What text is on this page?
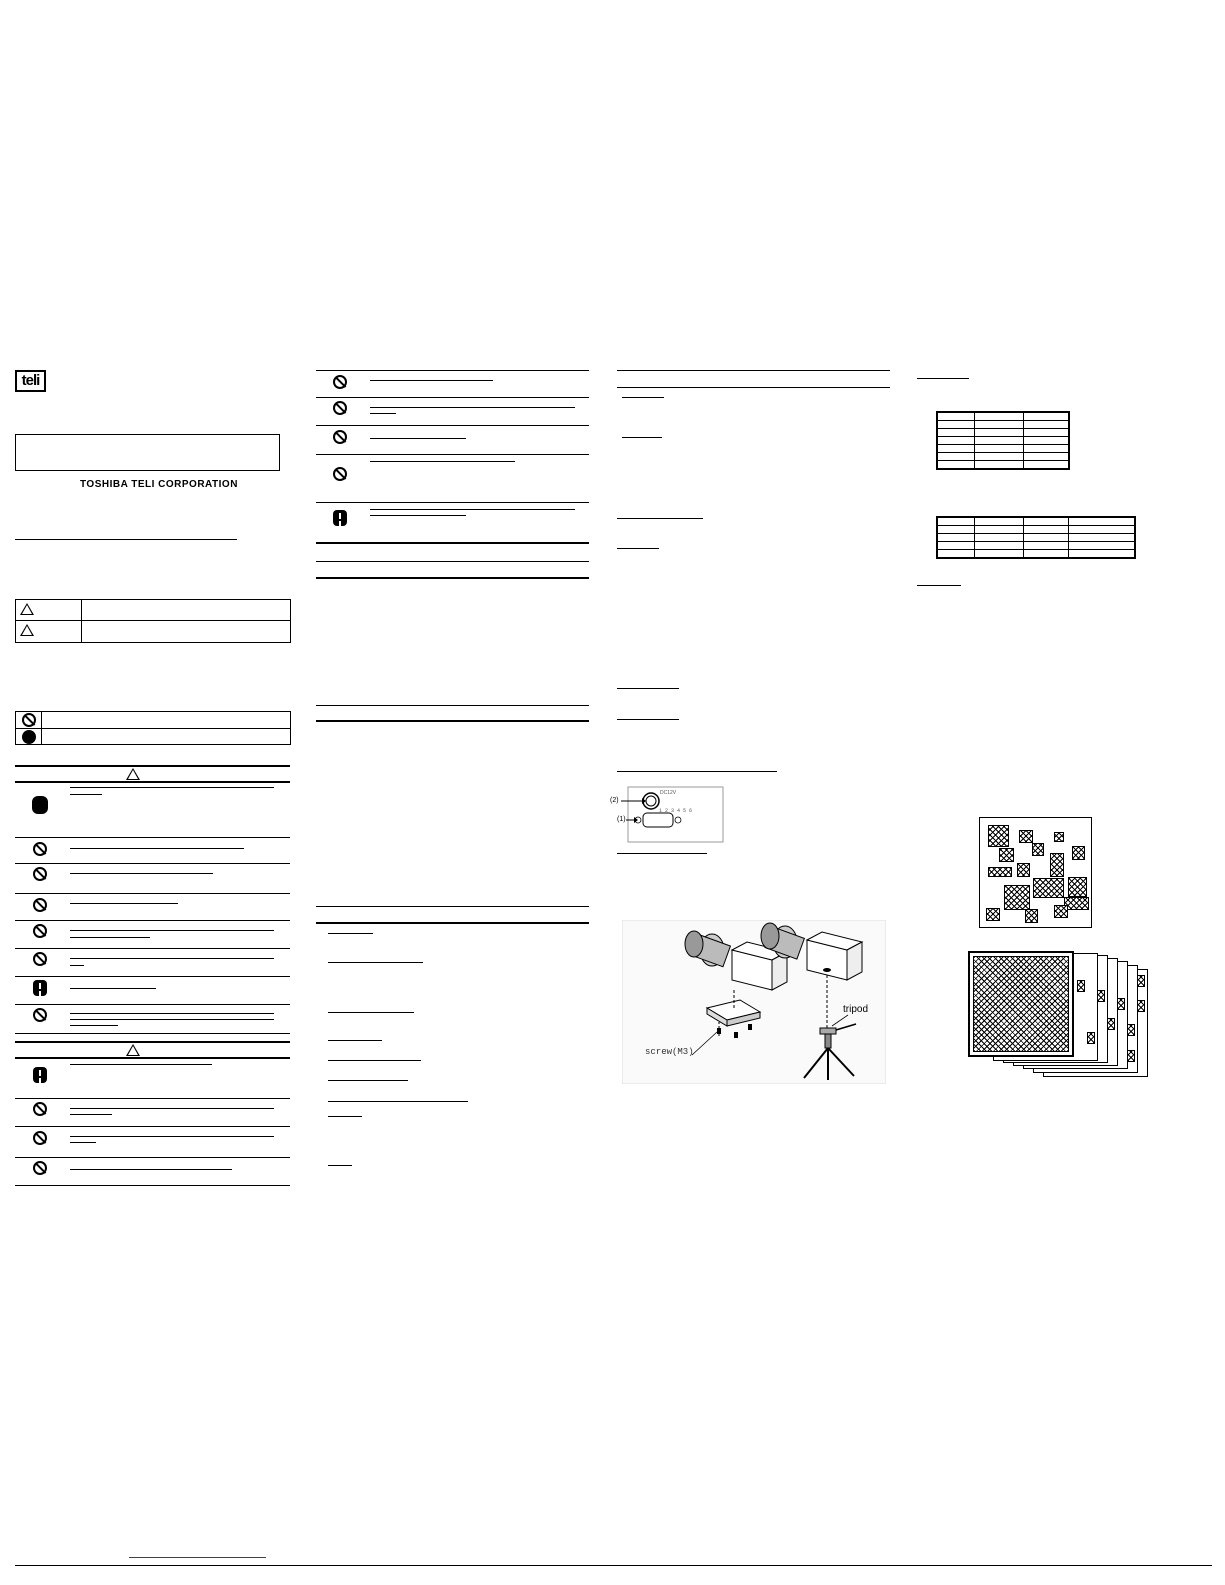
teli
TOSHIBA TELI CORPORATION
DC12V
1 2 3 4 5 6
(2)
(1)
screw(M3)
tripod
